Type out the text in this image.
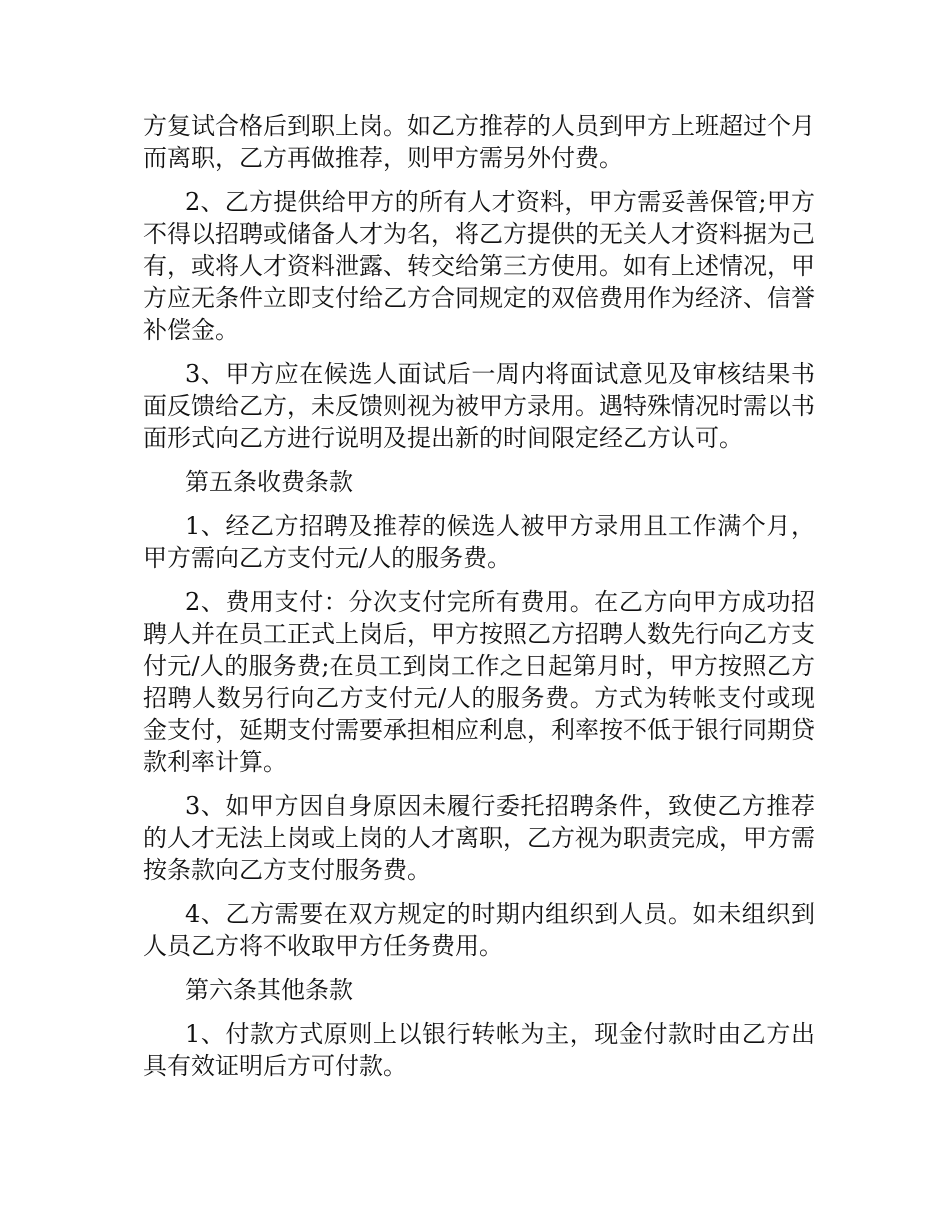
方复试合格后到职上岗。如乙方推荐的人员到甲方上班超过个月而离职，乙方再做推荐，则甲方需另外付费。

2、乙方提供给甲方的所有人才资料，甲方需妥善保管;甲方不得以招聘或储备人才为名，将乙方提供的无关人才资料据为己有，或将人才资料泄露、转交给第三方使用。如有上述情况，甲方应无条件立即支付给乙方合同规定的双倍费用作为经济、信誉补偿金。

3、甲方应在候选人面试后一周内将面试意见及审核结果书面反馈给乙方，未反馈则视为被甲方录用。遇特殊情况时需以书面形式向乙方进行说明及提出新的时间限定经乙方认可。

第五条收费条款

1、经乙方招聘及推荐的候选人被甲方录用且工作满个月，甲方需向乙方支付元/人的服务费。

2、费用支付：分次支付完所有费用。在乙方向甲方成功招聘人并在员工正式上岗后，甲方按照乙方招聘人数先行向乙方支付元/人的服务费;在员工到岗工作之日起第月时，甲方按照乙方招聘人数另行向乙方支付元/人的服务费。方式为转帐支付或现金支付，延期支付需要承担相应利息，利率按不低于银行同期贷款利率计算。

3、如甲方因自身原因未履行委托招聘条件，致使乙方推荐的人才无法上岗或上岗的人才离职，乙方视为职责完成，甲方需按条款向乙方支付服务费。

4、乙方需要在双方规定的时期内组织到人员。如未组织到人员乙方将不收取甲方任务费用。

第六条其他条款

1、付款方式原则上以银行转帐为主，现金付款时由乙方出具有效证明后方可付款。
